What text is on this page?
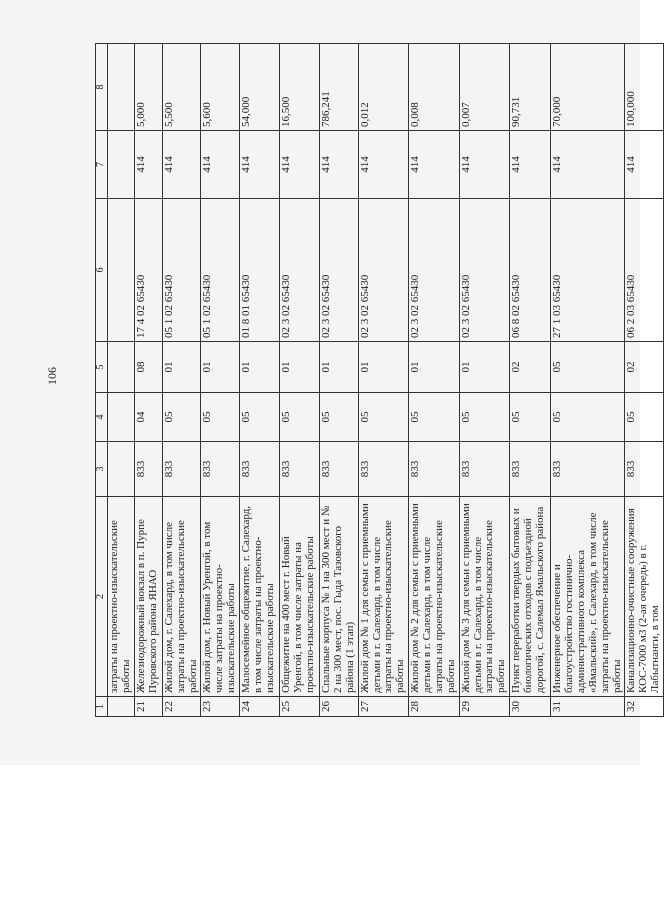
106
1	2	3	4	5	6	7	8
	затраты на проектно-изыскательские работы						
21	Железнодорожный вокзал в п. Пурпе Пуровского района ЯНАО	833	04	08	17 4 02 65430	414	5,000
22	Жилой дом, г. Салехард, в том числе затраты на проектно-изыскательские работы	833	05	01	05 1 02 65430	414	5,500
23	Жилой дом, г. Новый Уренгой, в том числе затраты на проектно-изыскательские работы	833	05	01	05 1 02 65430	414	5,600
24	Малосемейное общежитие, г. Салехард, в том числе затраты на проектно-изыскательские работы	833	05	01	01 8 01 65430	414	54,000
25	Общежитие на 400 мест г. Новый Уренгой, в том числе затраты на проектно-изыскательские работы	833	05	01	02 3 02 65430	414	16,500
26	Спальные корпуса № 1 на 300 мест и № 2 на 300 мест, пос. Гыда Тазовского района (1 этап)	833	05	01	02 3 02 65430	414	786,241
27	Жилой дом № 1 для семьи с приемными детьми в г. Салехард, в том числе затраты на проектно-изыскательские работы	833	05	01	02 3 02 65430	414	0,012
28	Жилой дом № 2 для семьи с приемными детьми в г. Салехард, в том числе затраты на проектно-изыскательские работы	833	05	01	02 3 02 65430	414	0,008
29	Жилой дом № 3 для семьи с приемными детьми в г. Салехард, в том числе затраты на проектно-изыскательские работы	833	05	01	02 3 02 65430	414	0,007
30	Пункт переработки твердых бытовых и биологических отходов с подъездной дорогой, с. Салемал Ямальского района	833	05	02	06 8 02 65430	414	90,731
31	Инженерное обеспечение и благоустройство гостинично-административного комплекса «Ямальский», г. Салехард, в том числе затраты на проектно-изыскательские работы	833	05	05	27 1 03 65430	414	70,000
32	Канализационно-очистные сооружения КОС-7000 м3 (2-ая очередь) в г. Лабытнанги, в том	833	05	02	06 2 03 65430	414	100,000
